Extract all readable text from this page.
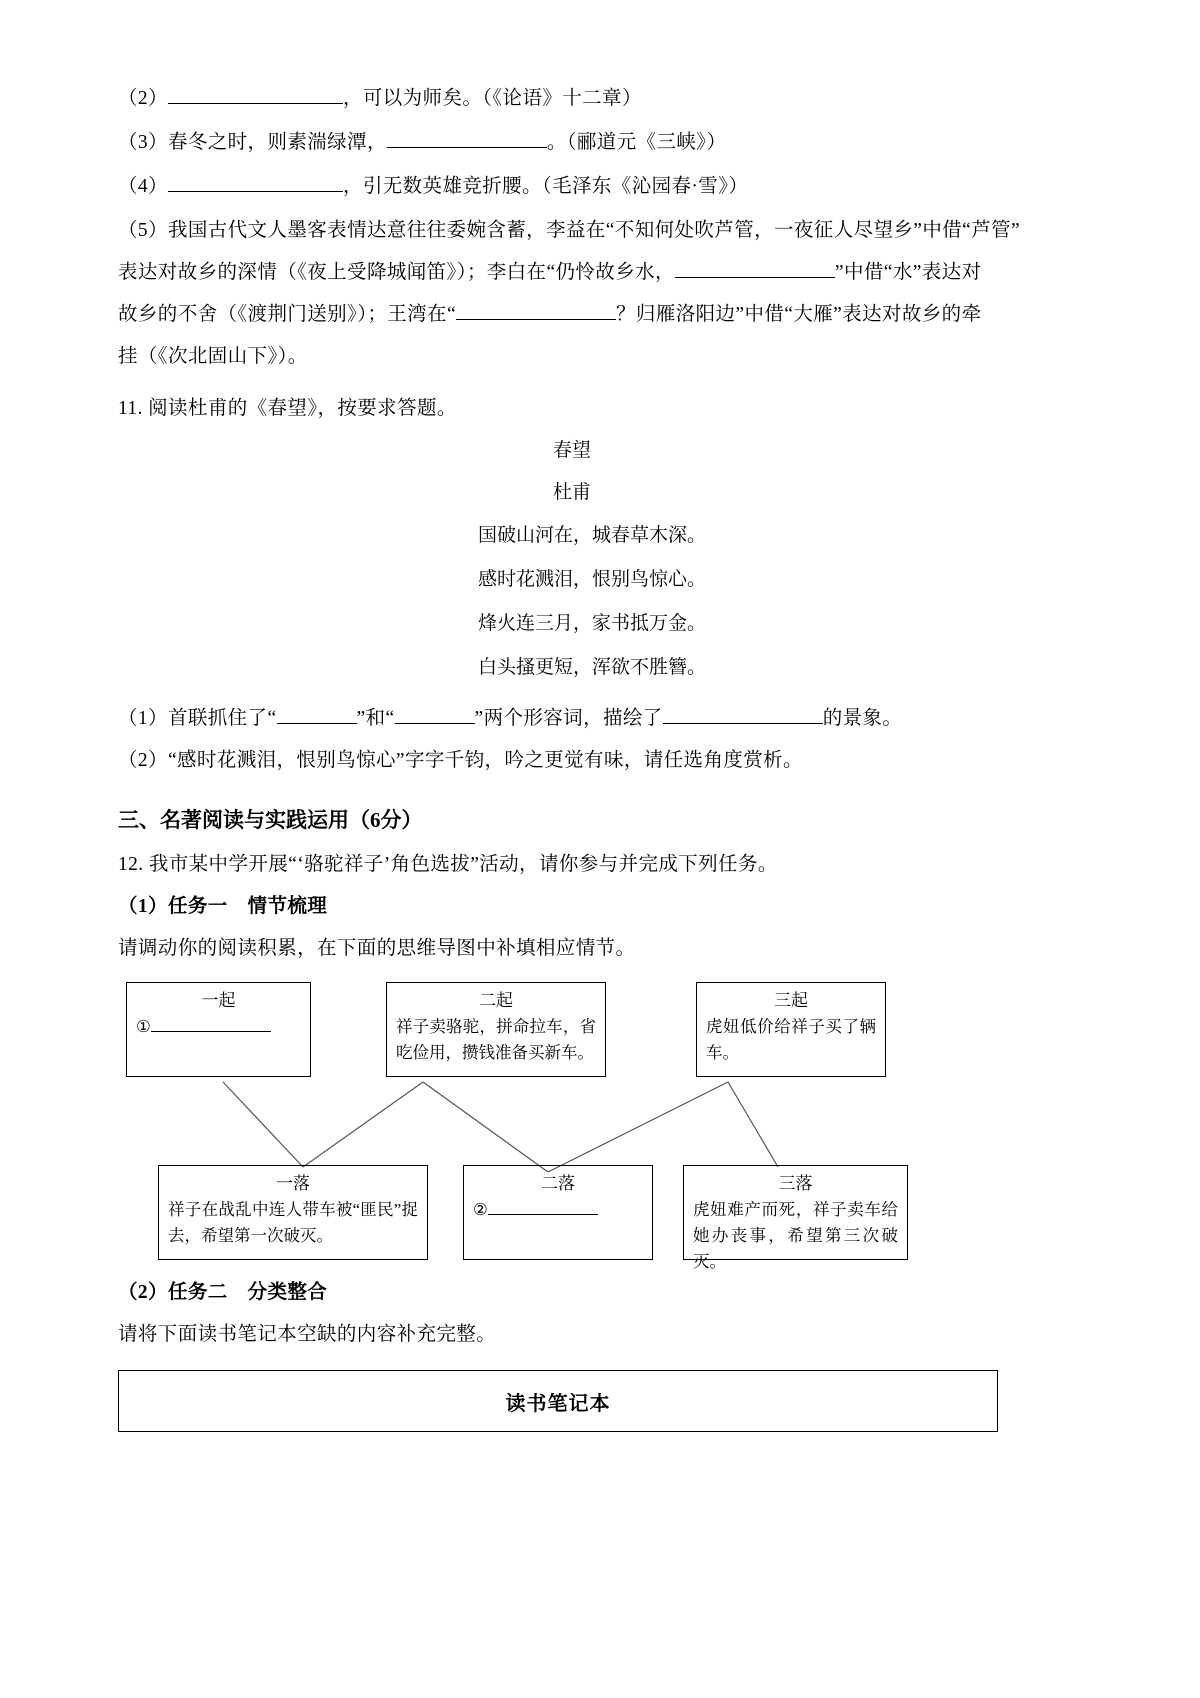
（2）	，可以为师矣。（《论语》十二章）
（3）春冬之时，则素湍绿潭，	。（郦道元《三峡》）
（4）	，引无数英雄竞折腰。（毛泽东《沁园春·雪》）
（5）我国古代文人墨客表情达意往往委婉含蓄，李益在“不知何处吹芦管，一夜征人尽望乡”中借“芦管”
表达对故乡的深情（《夜上受降城闻笛》）；李白在“仍怜故乡水，	”中借“水”表达对
故乡的不舍（《渡荆门送别》）；王湾在“	？归雁洛阳边”中借“大雁”表达对故乡的牵
挂（《次北固山下》）。
11. 阅读杜甫的《春望》，按要求答题。
春望
杜甫
国破山河在，城春草木深。
感时花溅泪，恨别鸟惊心。
烽火连三月，家书抵万金。
白头搔更短，浑欲不胜簪。
（1）首联抓住了“	”和“	”两个形容词，描绘了	的景象。
（2）“感时花溅泪，恨别鸟惊心”字字千钧，吟之更觉有味，请任选角度赏析。
三、名著阅读与实践运用（6分）
12. 我市某中学开展“‘骆驼祥子’角色选拔”活动，请你参与并完成下列任务。
（1）任务一　情节梳理
请调动你的阅读积累，在下面的思维导图中补填相应情节。
一起
①
二起
祥子卖骆驼，拼命拉车，省吃俭用，攒钱准备买新车。
三起
虎妞低价给祥子买了辆车。
一落
祥子在战乱中连人带车被“匪民”捉去，希望第一次破灭。
二落
②
三落
虎妞难产而死，祥子卖车给她办丧事，希望第三次破灭。
（2）任务二　分类整合
请将下面读书笔记本空缺的内容补充完整。
读书笔记本
